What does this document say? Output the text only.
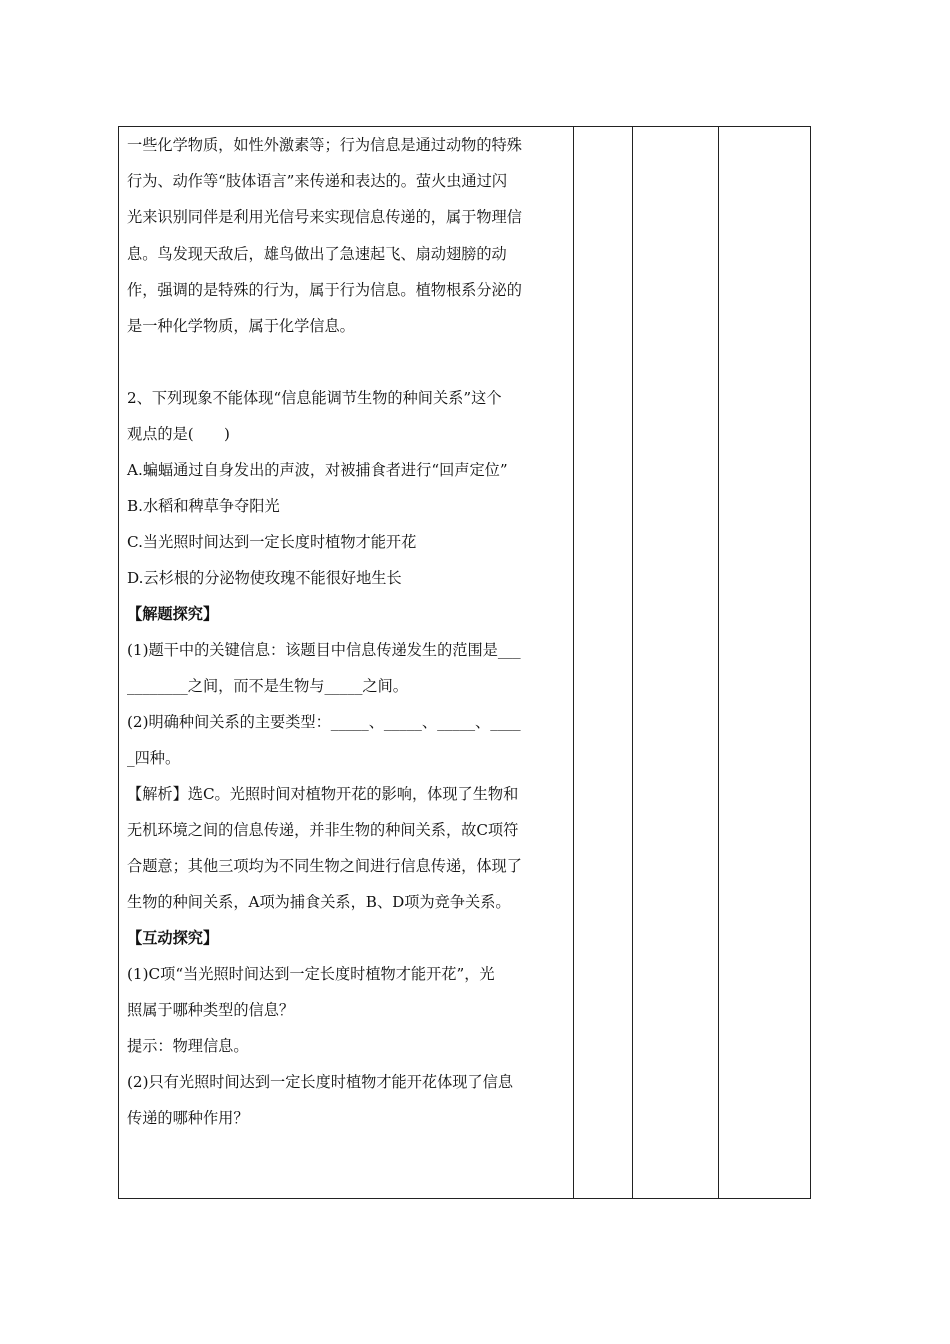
一些化学物质，如性外激素等；行为信息是通过动物的特殊

行为、动作等“肢体语言”来传递和表达的。萤火虫通过闪

光来识别同伴是利用光信号来实现信息传递的，属于物理信

息。鸟发现天敌后，雄鸟做出了急速起飞、扇动翅膀的动

作，强调的是特殊的行为，属于行为信息。植物根系分泌的

是一种化学物质，属于化学信息。

2、下列现象不能体现“信息能调节生物的种间关系”这个

观点的是(　　)

A.蝙蝠通过自身发出的声波，对被捕食者进行“回声定位”

B.水稻和稗草争夺阳光

C.当光照时间达到一定长度时植物才能开花

D.云杉根的分泌物使玫瑰不能很好地生长

【解题探究】

(1)题干中的关键信息：该题目中信息传递发生的范围是___

________之间，而不是生物与_____之间。

(2)明确种间关系的主要类型：_____、_____、_____、____

_四种。

【解析】选C。光照时间对植物开花的影响，体现了生物和

无机环境之间的信息传递，并非生物的种间关系，故C项符

合题意；其他三项均为不同生物之间进行信息传递，体现了

生物的种间关系，A项为捕食关系，B、D项为竞争关系。

【互动探究】

(1)C项“当光照时间达到一定长度时植物才能开花”，光

照属于哪种类型的信息？

提示：物理信息。

(2)只有光照时间达到一定长度时植物才能开花体现了信息

传递的哪种作用？
